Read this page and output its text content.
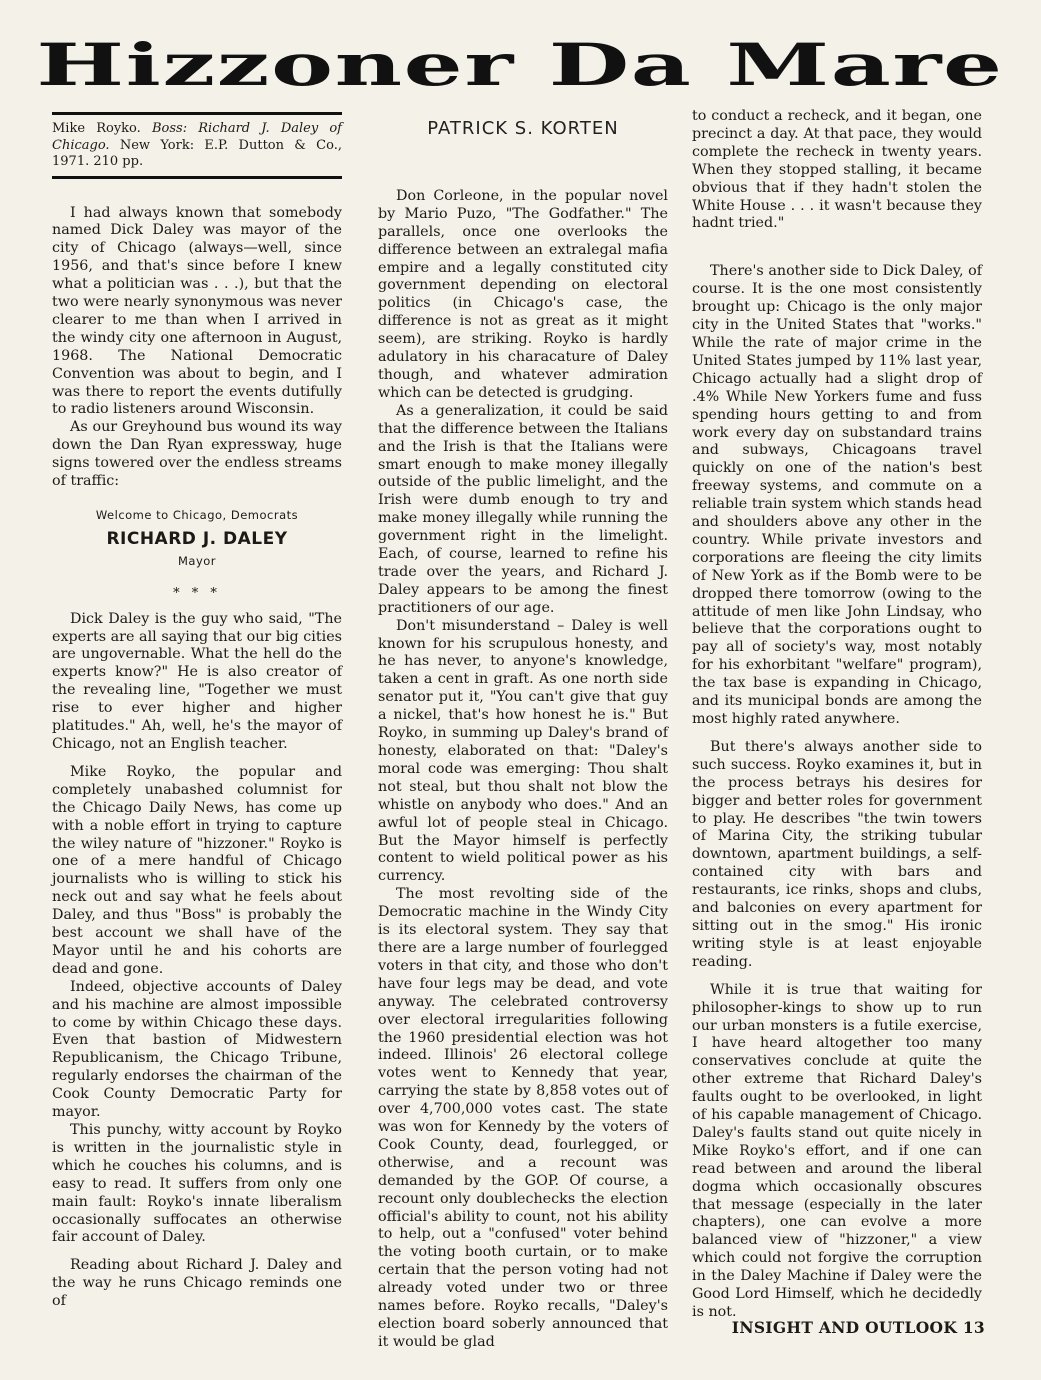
Hizzoner Da Mare
Mike Royko. Boss: Richard J. Daley of Chicago. New York: E.P. Dutton & Co., 1971. 210 pp.

I had always known that somebody named Dick Daley was mayor of the city of Chicago (always—well, since 1956, and that's since before I knew what a politician was . . .), but that the two were nearly synonymous was never clearer to me than when I arrived in the windy city one afternoon in August, 1968. The National Democratic Convention was about to begin, and I was there to report the events dutifully to radio listeners around Wisconsin.

As our Greyhound bus wound its way down the Dan Ryan expressway, huge signs towered over the endless streams of traffic:

Welcome to Chicago, Democrats
RICHARD J. DALEY
Mayor
* * *

Dick Daley is the guy who said, "The experts are all saying that our big cities are ungovernable. What the hell do the experts know?" He is also creator of the revealing line, "Together we must rise to ever higher and higher platitudes." Ah, well, he's the mayor of Chicago, not an English teacher.

Mike Royko, the popular and completely unabashed columnist for the Chicago Daily News, has come up with a noble effort in trying to capture the wiley nature of "hizzoner." Royko is one of a mere handful of Chicago journalists who is willing to stick his neck out and say what he feels about Daley, and thus "Boss" is probably the best account we shall have of the Mayor until he and his cohorts are dead and gone.

Indeed, objective accounts of Daley and his machine are almost impossible to come by within Chicago these days. Even that bastion of Midwestern Republicanism, the Chicago Tribune, regularly endorses the chairman of the Cook County Democratic Party for mayor.

This punchy, witty account by Royko is written in the journalistic style in which he couches his columns, and is easy to read. It suffers from only one main fault: Royko's innate liberalism occasionally suffocates an otherwise fair account of Daley.

Reading about Richard J. Daley and the way he runs Chicago reminds one of

PATRICK S. KORTEN

Don Corleone, in the popular novel by Mario Puzo, "The Godfather." The parallels, once one overlooks the difference between an extralegal mafia empire and a legally constituted city government depending on electoral politics (in Chicago's case, the difference is not as great as it might seem), are striking. Royko is hardly adulatory in his characature of Daley though, and whatever admiration which can be detected is grudging.

As a generalization, it could be said that the difference between the Italians and the Irish is that the Italians were smart enough to make money illegally outside of the public limelight, and the Irish were dumb enough to try and make money illegally while running the government right in the limelight. Each, of course, learned to refine his trade over the years, and Richard J. Daley appears to be among the finest practitioners of our age.

Don't misunderstand – Daley is well known for his scrupulous honesty, and he has never, to anyone's knowledge, taken a cent in graft. As one north side senator put it, "You can't give that guy a nickel, that's how honest he is." But Royko, in summing up Daley's brand of honesty, elaborated on that: "Daley's moral code was emerging: Thou shalt not steal, but thou shalt not blow the whistle on anybody who does." And an awful lot of people steal in Chicago. But the Mayor himself is perfectly content to wield political power as his currency.

The most revolting side of the Democratic machine in the Windy City is its electoral system. They say that there are a large number of fourlegged voters in that city, and those who don't have four legs may be dead, and vote anyway. The celebrated controversy over electoral irregularities following the 1960 presidential election was hot indeed. Illinois' 26 electoral college votes went to Kennedy that year, carrying the state by 8,858 votes out of over 4,700,000 votes cast. The state was won for Kennedy by the voters of Cook County, dead, fourlegged, or otherwise, and a recount was demanded by the GOP. Of course, a recount only doublechecks the election official's ability to count, not his ability to help, out a "confused" voter behind the voting booth curtain, or to make certain that the person voting had not already voted under two or three names before. Royko recalls, "Daley's election board soberly announced that it would be glad

to conduct a recheck, and it began, one precinct a day. At that pace, they would complete the recheck in twenty years. When they stopped stalling, it became obvious that if they hadn't stolen the White House . . . it wasn't because they hadnt tried."

There's another side to Dick Daley, of course. It is the one most consistently brought up: Chicago is the only major city in the United States that "works." While the rate of major crime in the United States jumped by 11% last year, Chicago actually had a slight drop of .4% While New Yorkers fume and fuss spending hours getting to and from work every day on substandard trains and subways, Chicagoans travel quickly on one of the nation's best freeway systems, and commute on a reliable train system which stands head and shoulders above any other in the country. While private investors and corporations are fleeing the city limits of New York as if the Bomb were to be dropped there tomorrow (owing to the attitude of men like John Lindsay, who believe that the corporations ought to pay all of society's way, most notably for his exhorbitant "welfare" program), the tax base is expanding in Chicago, and its municipal bonds are among the most highly rated anywhere.

But there's always another side to such success. Royko examines it, but in the process betrays his desires for bigger and better roles for government to play. He describes "the twin towers of Marina City, the striking tubular downtown, apartment buildings, a self-contained city with bars and restaurants, ice rinks, shops and clubs, and balconies on every apartment for sitting out in the smog." His ironic writing style is at least enjoyable reading.

While it is true that waiting for philosopher-kings to show up to run our urban monsters is a futile exercise, I have heard altogether too many conservatives conclude at quite the other extreme that Richard Daley's faults ought to be overlooked, in light of his capable management of Chicago. Daley's faults stand out quite nicely in Mike Royko's effort, and if one can read between and around the liberal dogma which occasionally obscures that message (especially in the later chapters), one can evolve a more balanced view of "hizzoner," a view which could not forgive the corruption in the Daley Machine if Daley were the Good Lord Himself, which he decidedly is not.

INSIGHT AND OUTLOOK 13
